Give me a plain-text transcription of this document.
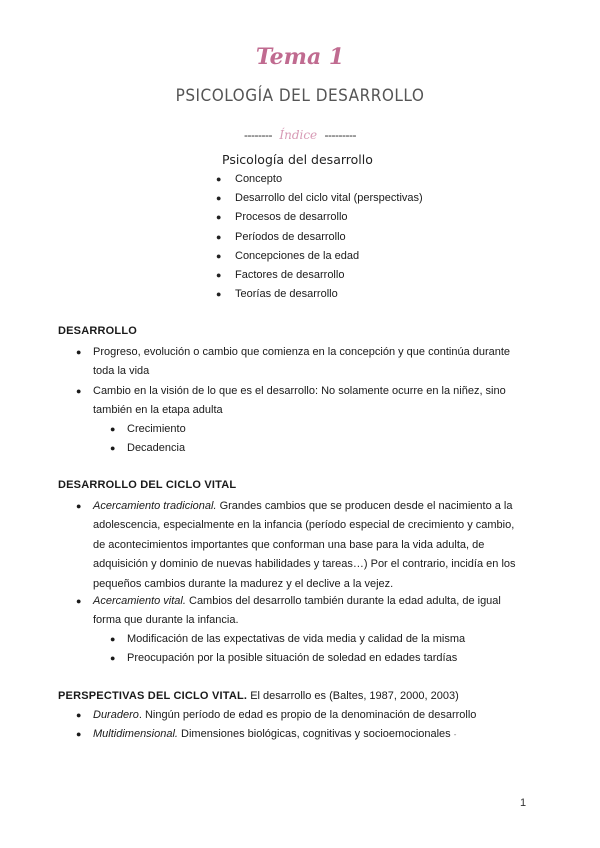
Tema 1
PSICOLOGÍA DEL DESARROLLO
-------- Índice ---------
Psicología del desarrollo
● Concepto
● Desarrollo del ciclo vital (perspectivas)
● Procesos de desarrollo
● Períodos de desarrollo
● Concepciones de la edad
● Factores de desarrollo
● Teorías de desarrollo
DESARROLLO
● Progreso, evolución o cambio que comienza en la concepción y que continúa durante
toda la vida
● Cambio en la visión de lo que es el desarrollo: No solamente ocurre en la niñez, sino
también en la etapa adulta
● Crecimiento
● Decadencia
DESARROLLO DEL CICLO VITAL
● Acercamiento tradicional. Grandes cambios que se producen desde el nacimiento a la
adolescencia, especialmente en la infancia (período especial de crecimiento y cambio,
de acontecimientos importantes que conforman una base para la vida adulta, de
adquisición y dominio de nuevas habilidades y tareas…) Por el contrario, incidía en los
pequeños cambios durante la madurez y el declive a la vejez.
● Acercamiento vital. Cambios del desarrollo también durante la edad adulta, de igual
forma que durante la infancia.
● Modificación de las expectativas de vida media y calidad de la misma
● Preocupación por la posible situación de soledad en edades tardías
PERSPECTIVAS DEL CICLO VITAL. El desarrollo es (Baltes, 1987, 2000, 2003)
● Duradero. Ningún período de edad es propio de la denominación de desarrollo
● Multidimensional. Dimensiones biológicas, cognitivas y socioemocionales -
1
